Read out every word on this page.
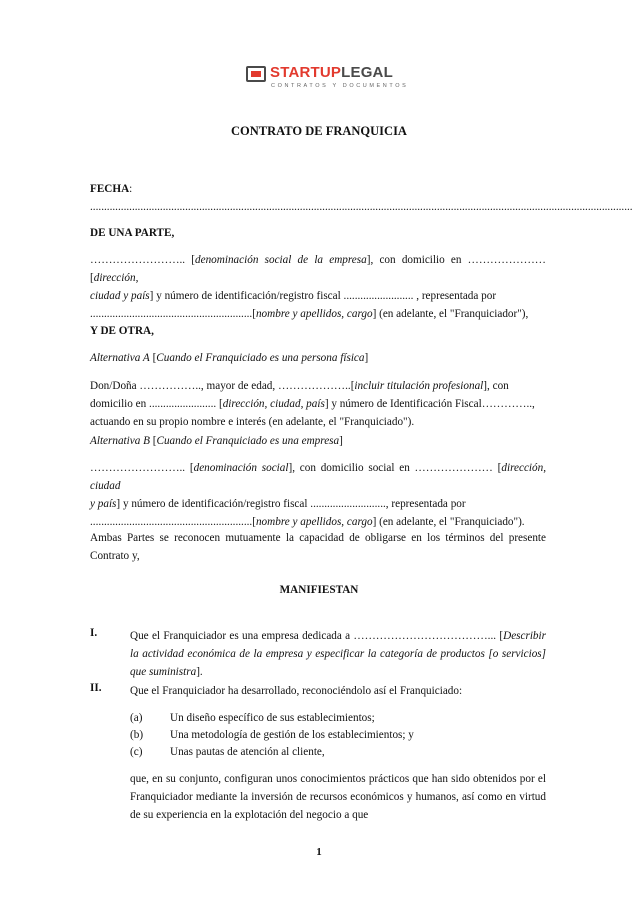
STARTUPLEGAL
CONTRATOS Y DOCUMENTOS
CONTRATO DE FRANQUICIA
FECHA: ..................................................................................................................................................................................................
DE UNA PARTE,
…………………….. [denominación social de la empresa], con domicilio en ………………… [dirección,
ciudad y país] y número de identificación/registro fiscal ......................... , representada por
..........................................................[nombre y apellidos, cargo] (en adelante, el "Franquiciador"),
Y DE OTRA,
Alternativa A [Cuando el Franquiciado es una persona física]
Don/Doña …………….., mayor de edad, ………………..[incluir titulación profesional], con
domicilio en ........................ [dirección, ciudad, país] y número de Identificación Fiscal…………..,
actuando en su propio nombre e interés (en adelante, el "Franquiciado").
Alternativa B [Cuando el Franquiciado es una empresa]
…………………….. [denominación social], con domicilio social en ………………… [dirección, ciudad
y país] y número de identificación/registro fiscal ..........................., representada por
..........................................................[nombre y apellidos, cargo] (en adelante, el "Franquiciado").
Ambas Partes se reconocen mutuamente la capacidad de obligarse en los términos del presente Contrato y,
MANIFIESTAN
I.	Que el Franquiciador es una empresa dedicada a ………………………………... [Describir la actividad económica de la empresa y especificar la categoría de productos [o servicios] que suministra].
II.	Que el Franquiciador ha desarrollado, reconociéndolo así el Franquiciado:
(a) Un diseño específico de sus establecimientos;
(b) Una metodología de gestión de los establecimientos; y
(c) Unas pautas de atención al cliente,
que, en su conjunto, configuran unos conocimientos prácticos que han sido obtenidos por el Franquiciador mediante la inversión de recursos económicos y humanos, así como en virtud de su experiencia en la explotación del negocio a que
1
